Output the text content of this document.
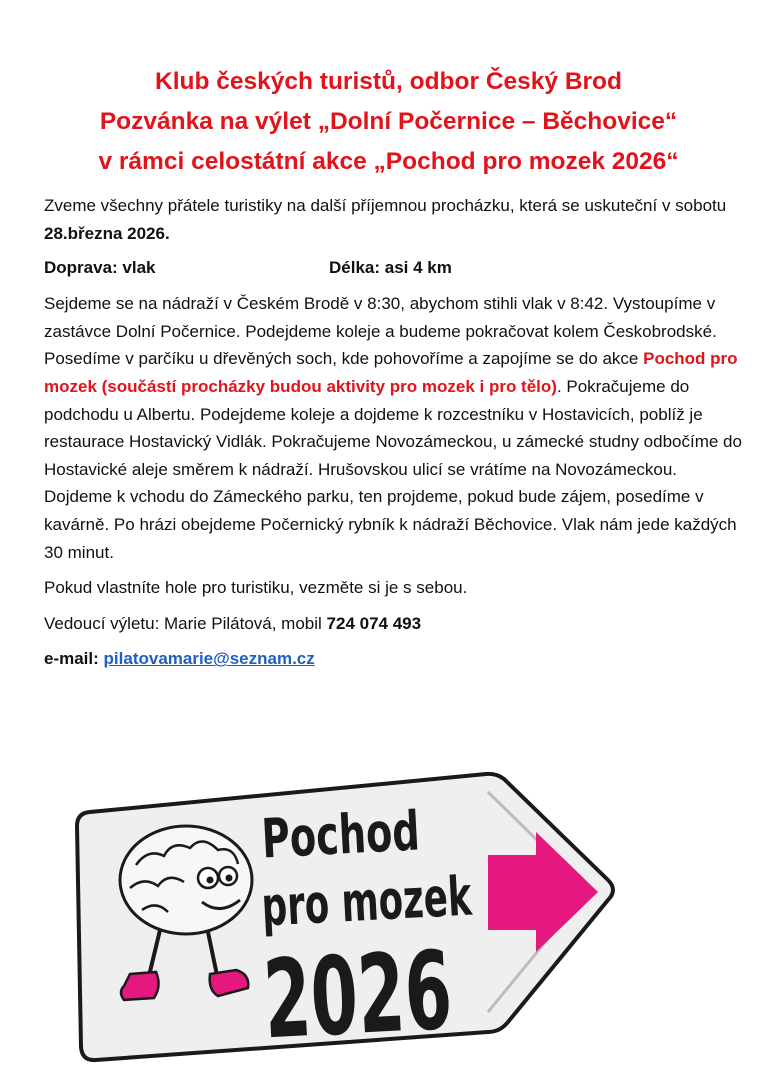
Klub českých turistů, odbor Český Brod
Pozvánka na výlet „Dolní Počernice – Běchovice“
v rámci celostátní akce „Pochod pro mozek 2026“

Zveme všechny přátele turistiky na další příjemnou procházku, která se uskuteční v sobotu 28.března 2026.

Doprava: vlak	Délka: asi 4 km

Sejdeme se na nádraží v Českém Brodě v 8:30, abychom stihli vlak v 8:42. Vystoupíme v zastávce Dolní Počernice. Podejdeme koleje a budeme pokračovat kolem Českobrodské. Posedíme v parčíku u dřevěných soch, kde pohovoříme a zapojíme se do akce Pochod pro mozek (součástí procházky budou aktivity pro mozek i pro tělo). Pokračujeme do podchodu u Albertu. Podejdeme koleje a dojdeme k rozcestníku v Hostavicích, poblíž je restaurace Hostavický Vidlák. Pokračujeme Novozámeckou, u zámecké studny odbočíme do Hostavické aleje směrem k nádraží. Hrušovskou ulicí se vrátíme na Novozámeckou. Dojdeme k vchodu do Zámeckého parku, ten projdeme, pokud bude zájem, posedíme v kavárně. Po hrázi obejdeme Počernický rybník k nádraží Běchovice. Vlak nám jede každých 30 minut.

Pokud vlastníte hole pro turistiku, vezměte si je s sebou.

Vedoucí výletu: Marie Pilátová, mobil 724 074 493

e-mail: pilatovamarie@seznam.cz

Pochod
pro mozek
2026
